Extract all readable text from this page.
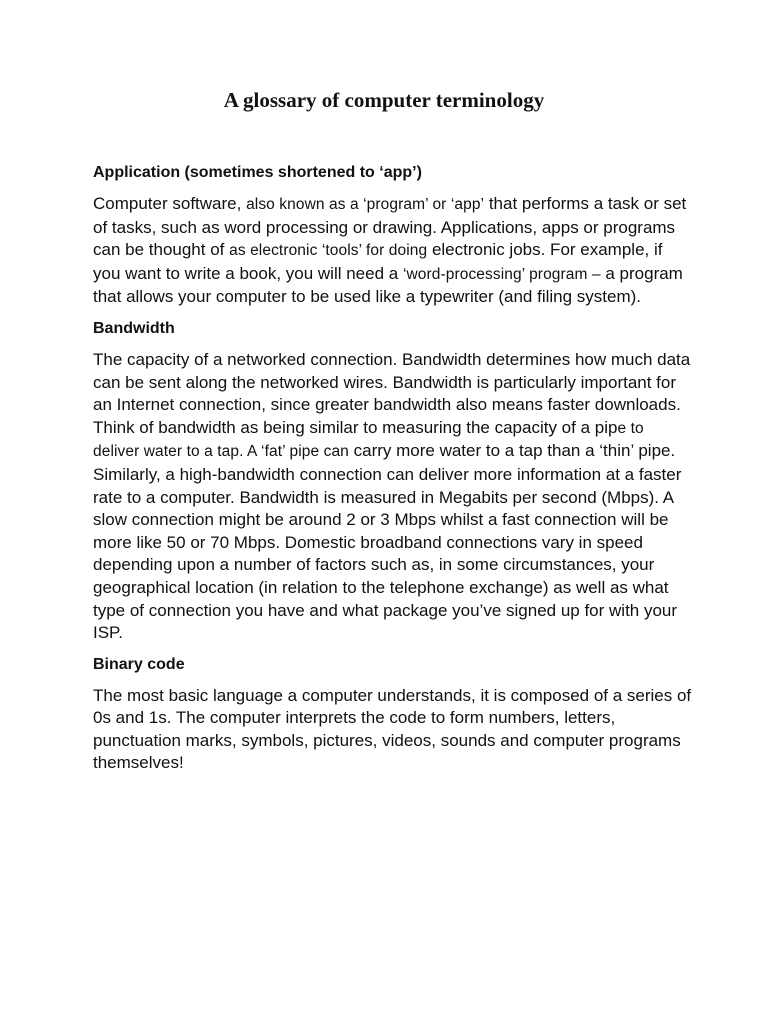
A glossary of computer terminology

Application (sometimes shortened to ‘app’)

Computer software, also known as a ‘program’ or ‘app’ that performs a task or set of tasks, such as word processing or drawing. Applications, apps or programs can be thought of as electronic ‘tools’ for doing electronic jobs. For example, if you want to write a book, you will need a ‘word-processing’ program – a program that allows your computer to be used like a typewriter (and filing system).

Bandwidth

The capacity of a networked connection. Bandwidth determines how much data can be sent along the networked wires. Bandwidth is particularly important for an Internet connection, since greater bandwidth also means faster downloads. Think of bandwidth as being similar to measuring the capacity of a pipe to deliver water to a tap. A ‘fat’ pipe can carry more water to a tap than a ‘thin’ pipe. Similarly, a high-bandwidth connection can deliver more information at a faster rate to a computer. Bandwidth is measured in Megabits per second (Mbps). A slow connection might be around 2 or 3 Mbps whilst a fast connection will be more like 50 or 70 Mbps. Domestic broadband connections vary in speed depending upon a number of factors such as, in some circumstances, your geographical location (in relation to the telephone exchange) as well as what type of connection you have and what package you’ve signed up for with your ISP.

Binary code

The most basic language a computer understands, it is composed of a series of 0s and 1s. The computer interprets the code to form numbers, letters, punctuation marks, symbols, pictures, videos, sounds and computer programs themselves!
